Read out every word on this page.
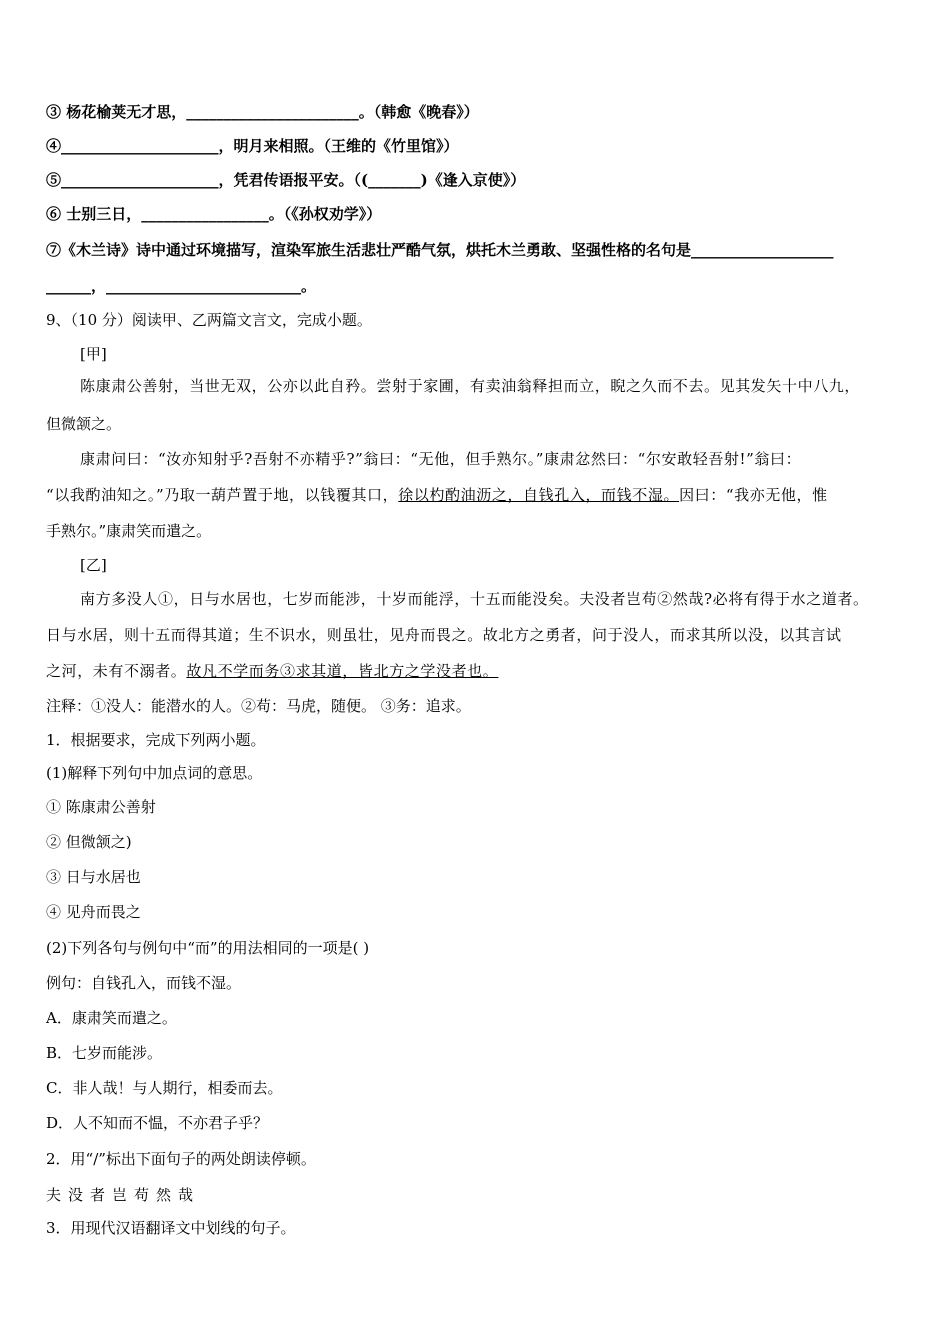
③ 杨花榆荚无才思，_______________________。（韩愈《晚春》）
④_____________________，明月来相照。（王维的《竹里馆》）
⑤_____________________，凭君传语报平安。（(_______)《逢入京使》）
⑥ 士别三日，_________________。（《孙权劝学》）
⑦《木兰诗》诗中通过环境描写，渲染军旅生活悲壮严酷气氛，烘托木兰勇敢、坚强性格的名句是___________________
______，__________________________。
9、（10 分）阅读甲、乙两篇文言文，完成小题。
[甲]
陈康肃公善射，当世无双，公亦以此自矜。尝射于家圃，有卖油翁释担而立，睨之久而不去。见其发矢十中八九，
但微颔之。
康肃问曰：“汝亦知射乎?吾射不亦精乎?”翁曰：“无他，但手熟尔。”康肃忿然曰：“尔安敢轻吾射!”翁曰：
“以我酌油知之。”乃取一葫芦置于地，以钱覆其口，徐以杓酌油沥之，自钱孔入，而钱不湿。因曰：“我亦无他，惟
手熟尔。”康肃笑而遣之。
[乙]
南方多没人①，日与水居也，七岁而能涉，十岁而能浮，十五而能没矣。夫没者岂苟②然哉?必将有得于水之道者。
日与水居，则十五而得其道；生不识水，则虽壮，见舟而畏之。故北方之勇者，问于没人，而求其所以没，以其言试
之河，未有不溺者。故凡不学而务③求其道，皆北方之学没者也。
注释：①没人：能潜水的人。②苟：马虎，随便。 ③务：追求。
1．根据要求，完成下列两小题。
(1)解释下列句中加点词的意思。
① 陈康肃公善射
② 但微颔之)
③ 日与水居也
④ 见舟而畏之
(2)下列各句与例句中“而”的用法相同的一项是( )
例句：自钱孔入，而钱不湿。
A．康肃笑而遣之。
B．七岁而能涉。
C．非人哉！与人期行，相委而去。
D．人不知而不愠，不亦君子乎？
2．用“/”标出下面句子的两处朗读停顿。
夫没者岂苟然哉
3．用现代汉语翻译文中划线的句子。
